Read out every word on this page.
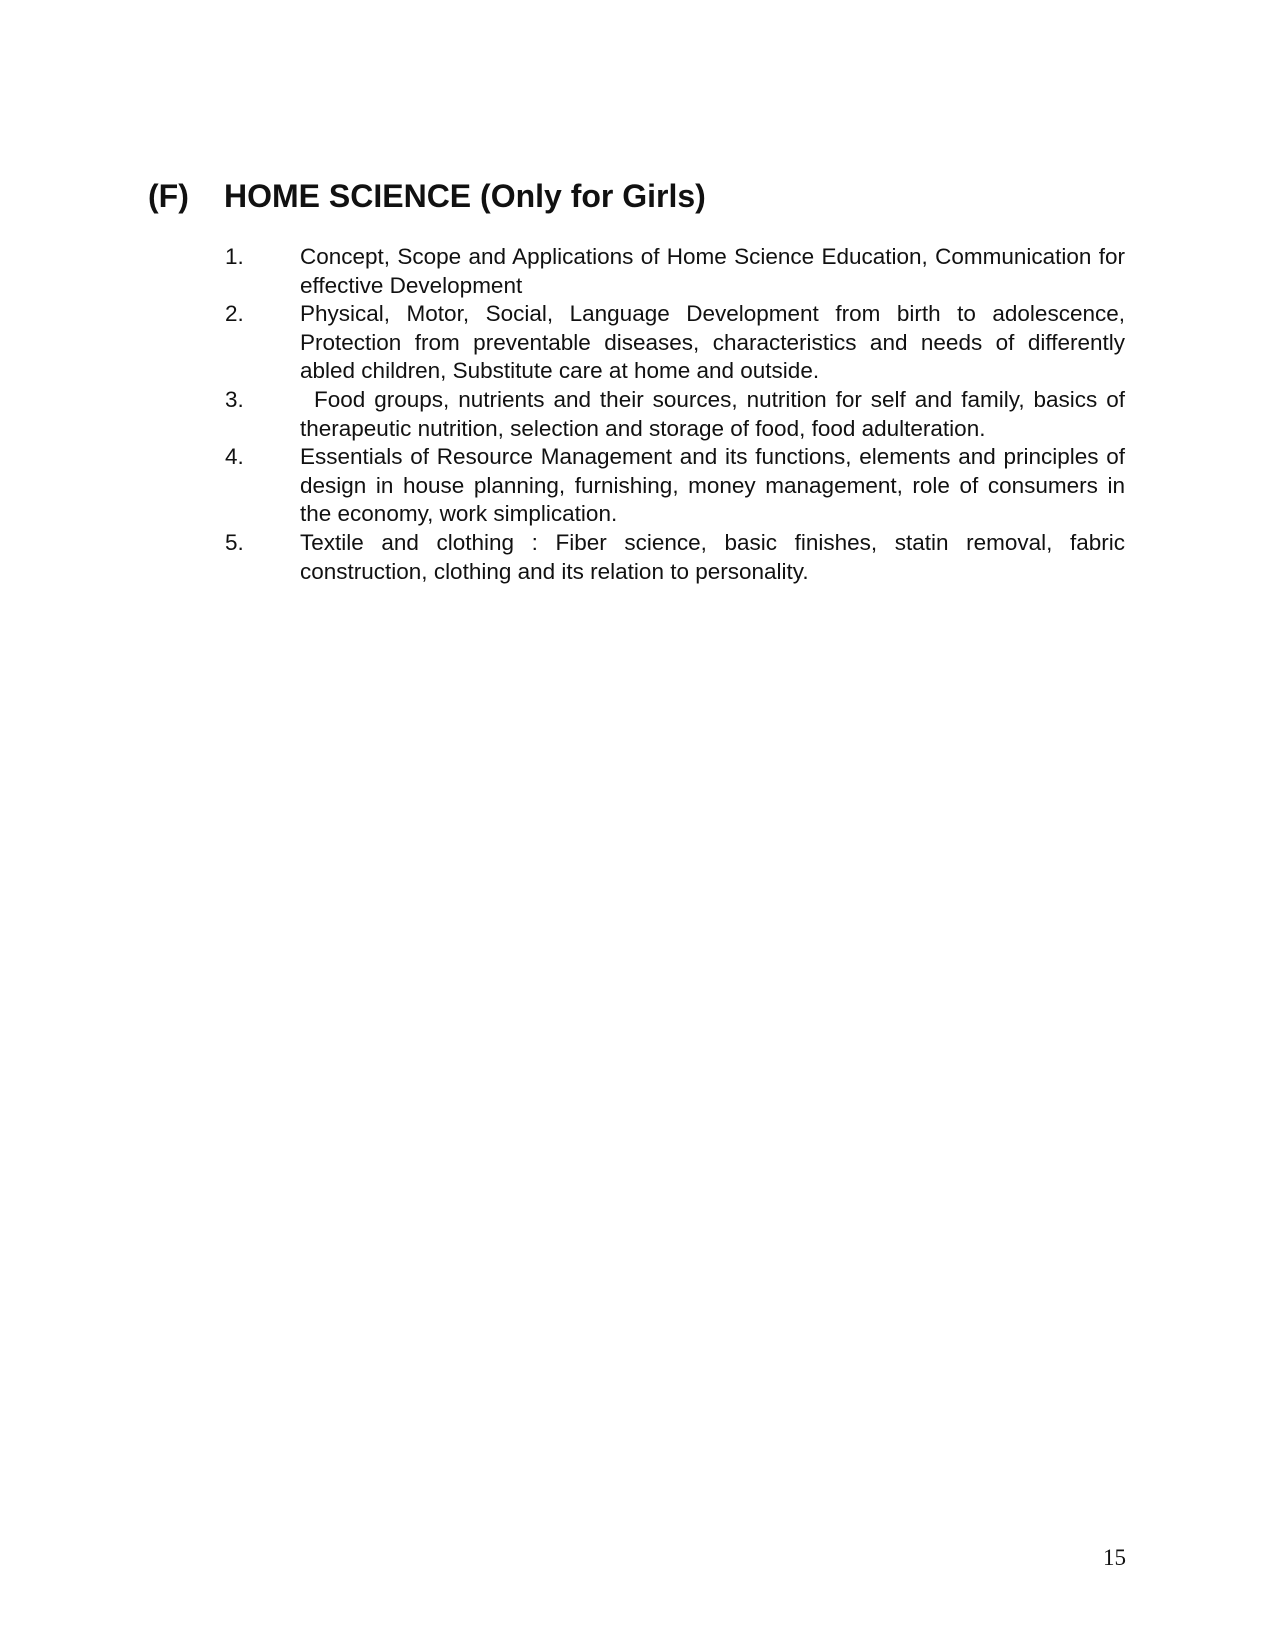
(F) HOME SCIENCE (Only for Girls)
1. Concept, Scope and Applications of Home Science Education, Communication for effective Development
2. Physical, Motor, Social, Language Development from birth to adolescence, Protection from preventable diseases, characteristics and needs of differently abled children, Substitute care at home and outside.
3.	Food groups, nutrients and their sources, nutrition for self and family, basics of therapeutic nutrition, selection and storage of food, food adulteration.
4. Essentials of Resource Management and its functions, elements and principles of design in house planning, furnishing, money management, role of consumers in the economy, work simplication.
5. Textile and clothing : Fiber science, basic finishes, statin removal, fabric construction, clothing and its relation to personality.
15
